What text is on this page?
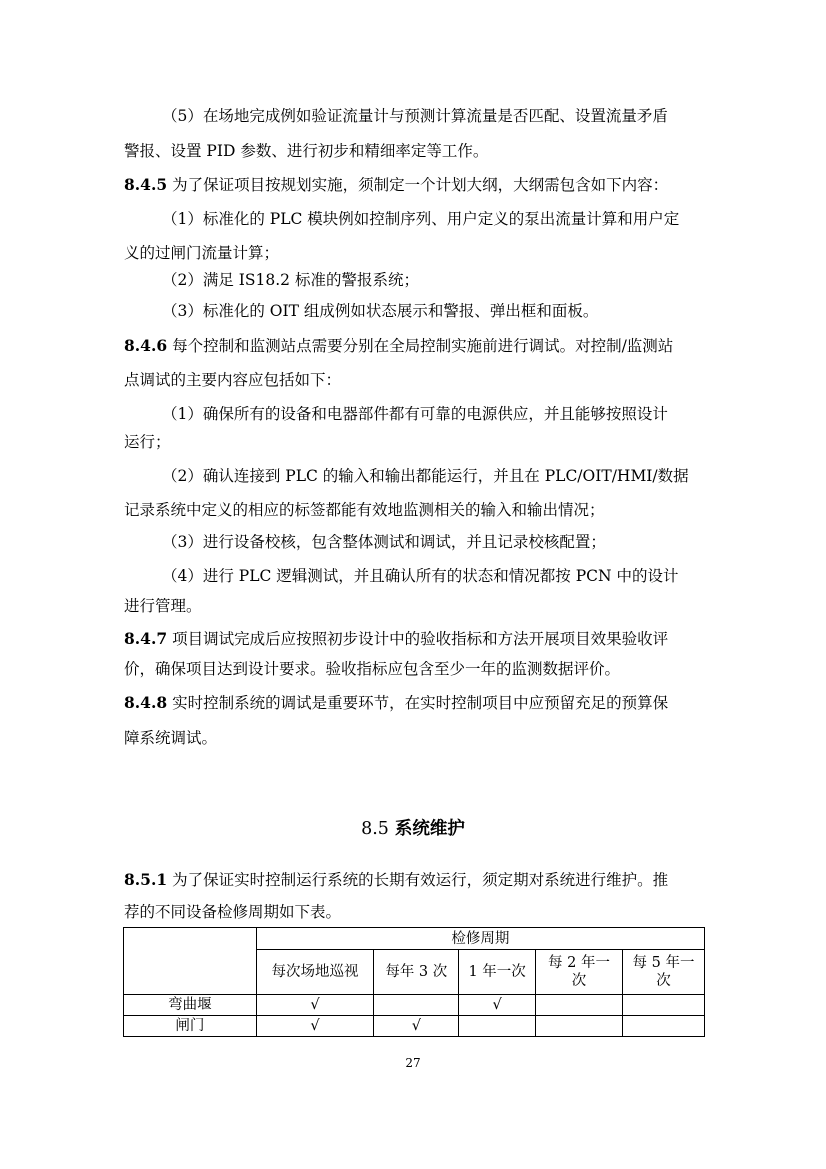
（5）在场地完成例如验证流量计与预测计算流量是否匹配、设置流量矛盾
警报、设置 PID 参数、进行初步和精细率定等工作。
8.4.5 为了保证项目按规划实施，须制定一个计划大纲，大纲需包含如下内容：
（1）标准化的 PLC 模块例如控制序列、用户定义的泵出流量计算和用户定
义的过闸门流量计算；
（2）满足 IS18.2 标准的警报系统；
（3）标准化的 OIT 组成例如状态展示和警报、弹出框和面板。
8.4.6 每个控制和监测站点需要分别在全局控制实施前进行调试。对控制/监测站
点调试的主要内容应包括如下：
（1）确保所有的设备和电器部件都有可靠的电源供应，并且能够按照设计
运行；
（2）确认连接到 PLC 的输入和输出都能运行，并且在 PLC/OIT/HMI/数据
记录系统中定义的相应的标签都能有效地监测相关的输入和输出情况；
（3）进行设备校核，包含整体测试和调试，并且记录校核配置；
（4）进行 PLC 逻辑测试，并且确认所有的状态和情况都按 PCN 中的设计
进行管理。
8.4.7 项目调试完成后应按照初步设计中的验收指标和方法开展项目效果验收评
价，确保项目达到设计要求。验收指标应包含至少一年的监测数据评价。
8.4.8 实时控制系统的调试是重要环节，在实时控制项目中应预留充足的预算保
障系统调试。
8.5 系统维护
8.5.1 为了保证实时控制运行系统的长期有效运行，须定期对系统进行维护。推
荐的不同设备检修周期如下表。
	检修周期				
	每次场地巡视	每年 3 次	1 年一次	每 2 年一次	每 5 年一次
弯曲堰	√		√		
闸门	√	√			
27
